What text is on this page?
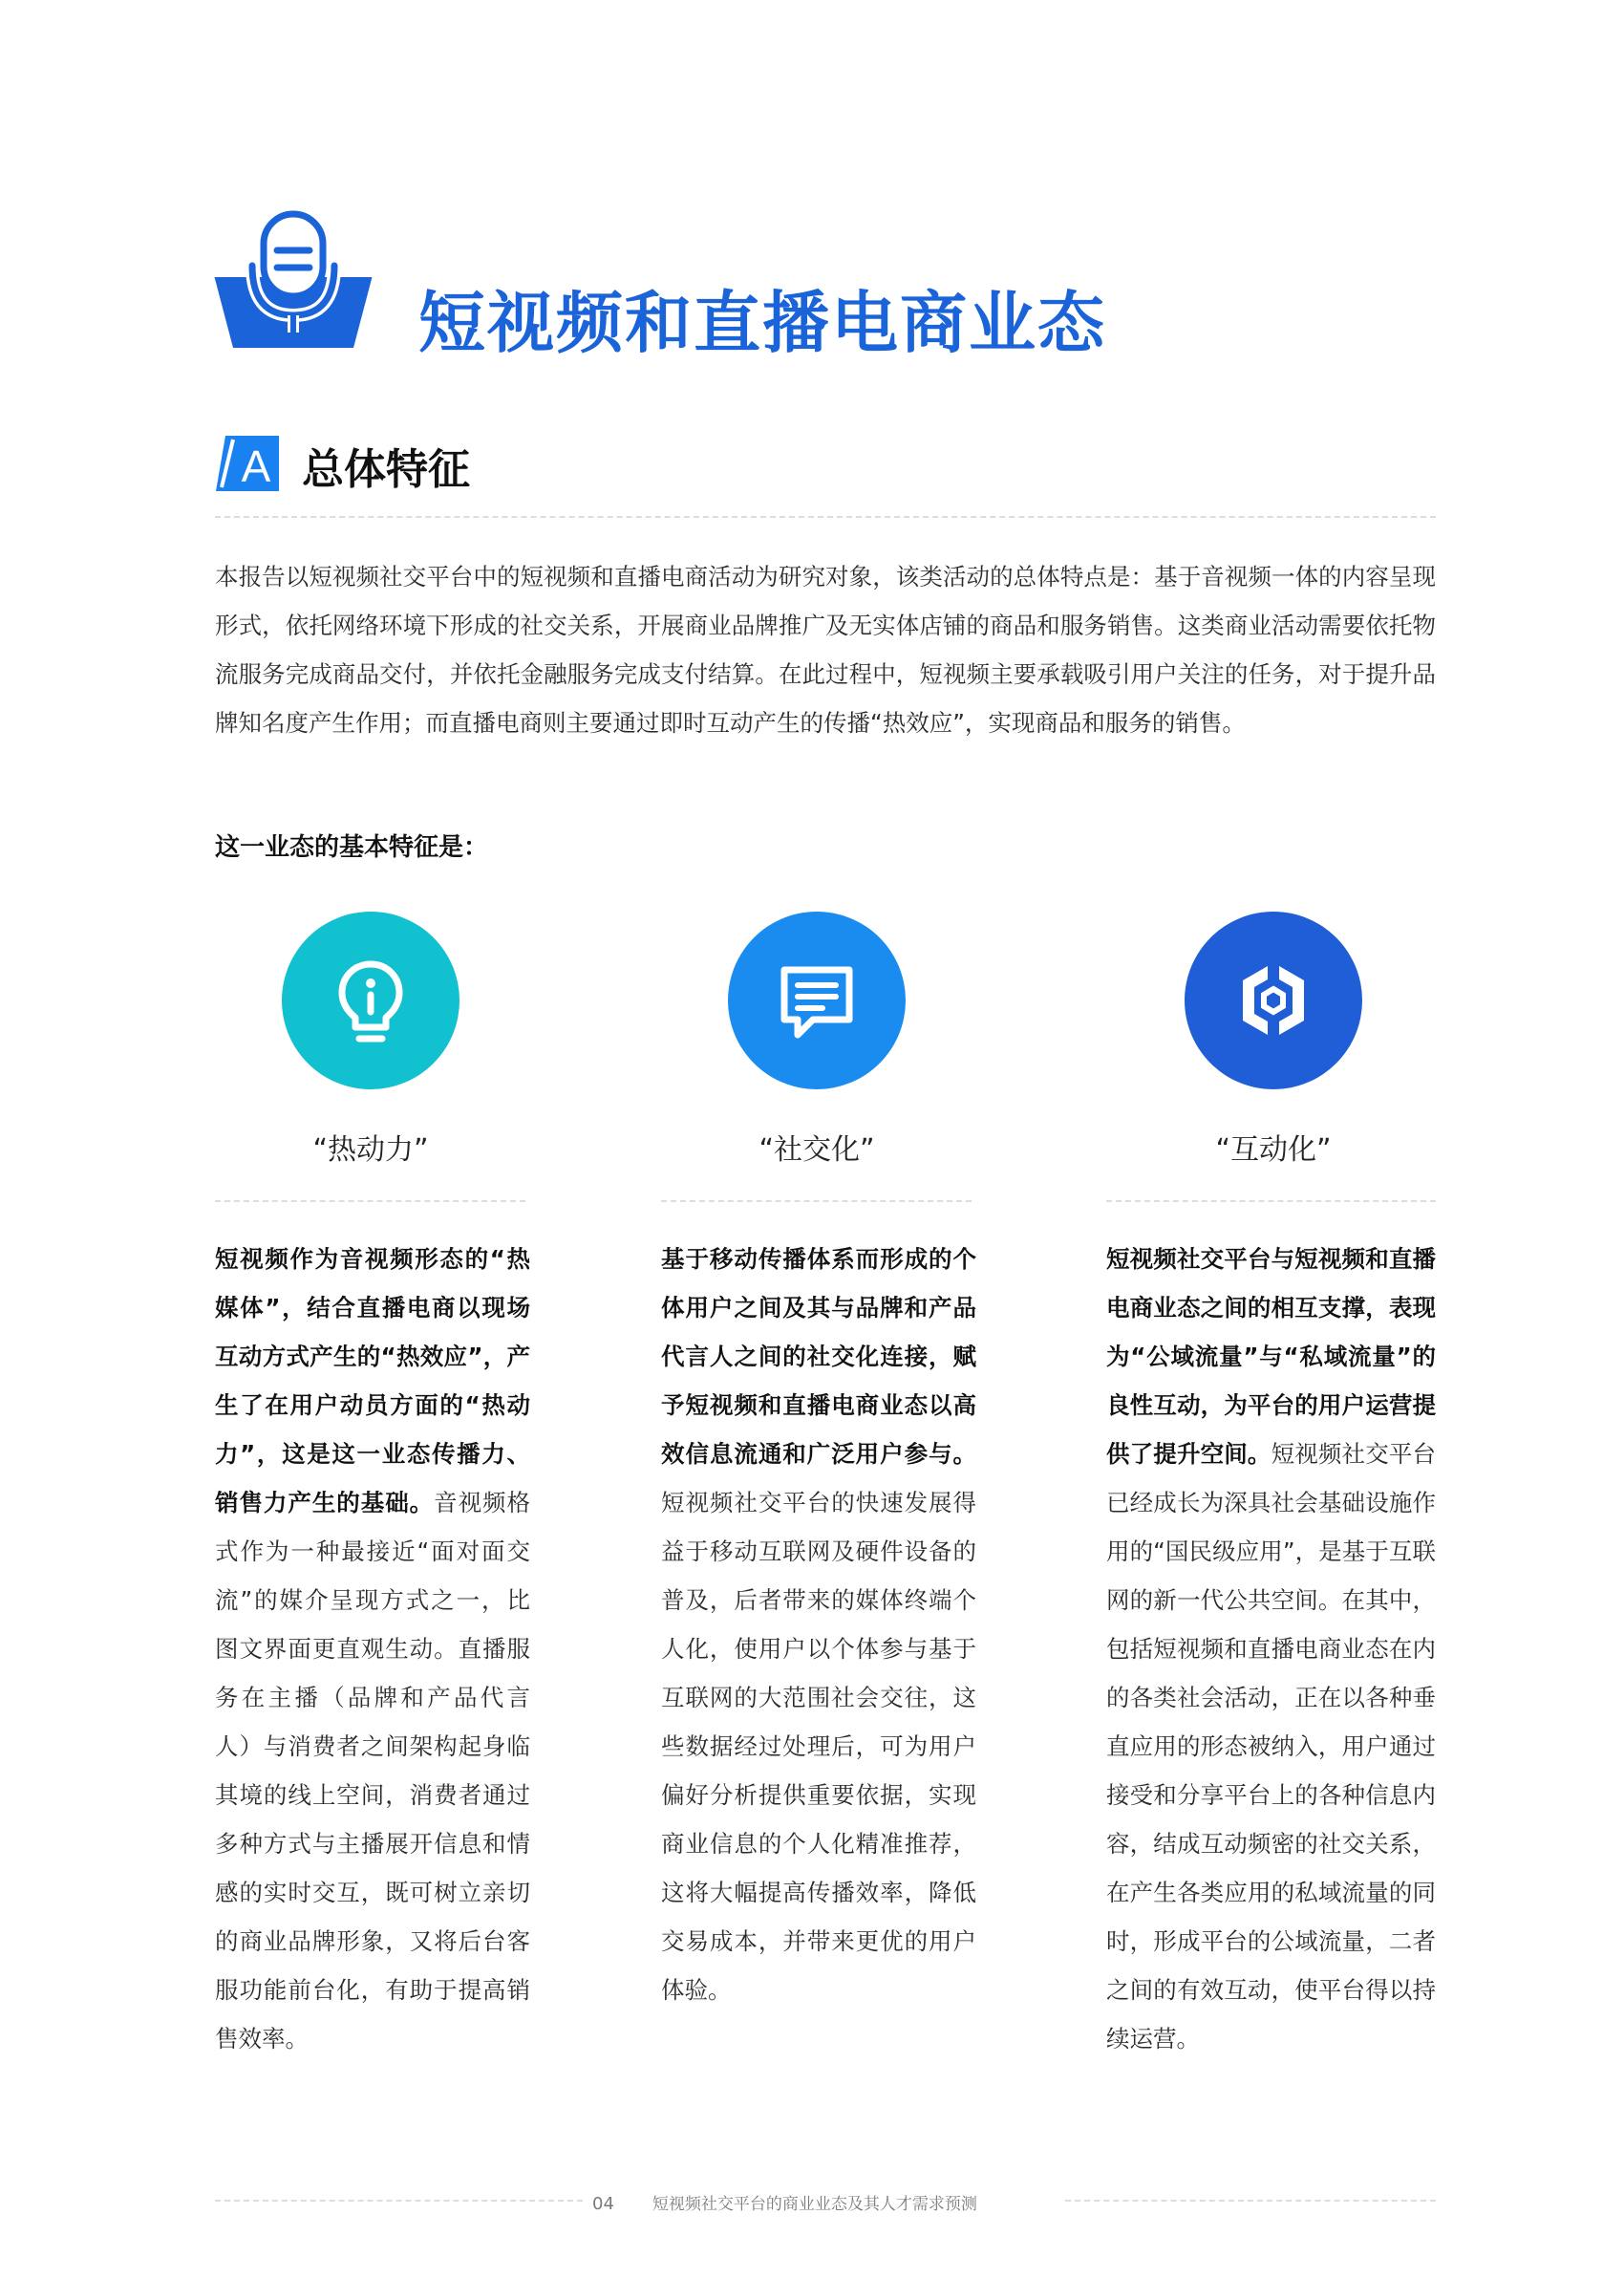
短视频和直播电商业态
A 总体特征
本报告以短视频社交平台中的短视频和直播电商活动为研究对象，该类活动的总体特点是：基于音视频一体的内容呈现形式，依托网络环境下形成的社交关系，开展商业品牌推广及无实体店铺的商品和服务销售。这类商业活动需要依托物流服务完成商品交付，并依托金融服务完成支付结算。在此过程中，短视频主要承载吸引用户关注的任务，对于提升品牌知名度产生作用；而直播电商则主要通过即时互动产生的传播“热效应”，实现商品和服务的销售。
这一业态的基本特征是：
“热动力”
短视频作为音视频形态的“热媒体”，结合直播电商以现场互动方式产生的“热效应”，产生了在用户动员方面的“热动力”，这是这一业态传播力、销售力产生的基础。音视频格式作为一种最接近“面对面交流”的媒介呈现方式之一，比图文界面更直观生动。直播服务在主播（品牌和产品代言人）与消费者之间架构起身临其境的线上空间，消费者通过多种方式与主播展开信息和情感的实时交互，既可树立亲切的商业品牌形象，又将后台客服功能前台化，有助于提高销售效率。
“社交化”
基于移动传播体系而形成的个体用户之间及其与品牌和产品代言人之间的社交化连接，赋予短视频和直播电商业态以高效信息流通和广泛用户参与。短视频社交平台的快速发展得益于移动互联网及硬件设备的普及，后者带来的媒体终端个人化，使用户以个体参与基于互联网的大范围社会交往，这些数据经过处理后，可为用户偏好分析提供重要依据，实现商业信息的个人化精准推荐，这将大幅提高传播效率，降低交易成本，并带来更优的用户体验。
“互动化”
短视频社交平台与短视频和直播电商业态之间的相互支撑，表现为“公域流量”与“私域流量”的良性互动，为平台的用户运营提供了提升空间。短视频社交平台已经成长为深具社会基础设施作用的“国民级应用”，是基于互联网的新一代公共空间。在其中，包括短视频和直播电商业态在内的各类社会活动，正在以各种垂直应用的形态被纳入，用户通过接受和分享平台上的各种信息内容，结成互动频密的社交关系，在产生各类应用的私域流量的同时，形成平台的公域流量，二者之间的有效互动，使平台得以持续运营。
04 短视频社交平台的商业业态及其人才需求预测
